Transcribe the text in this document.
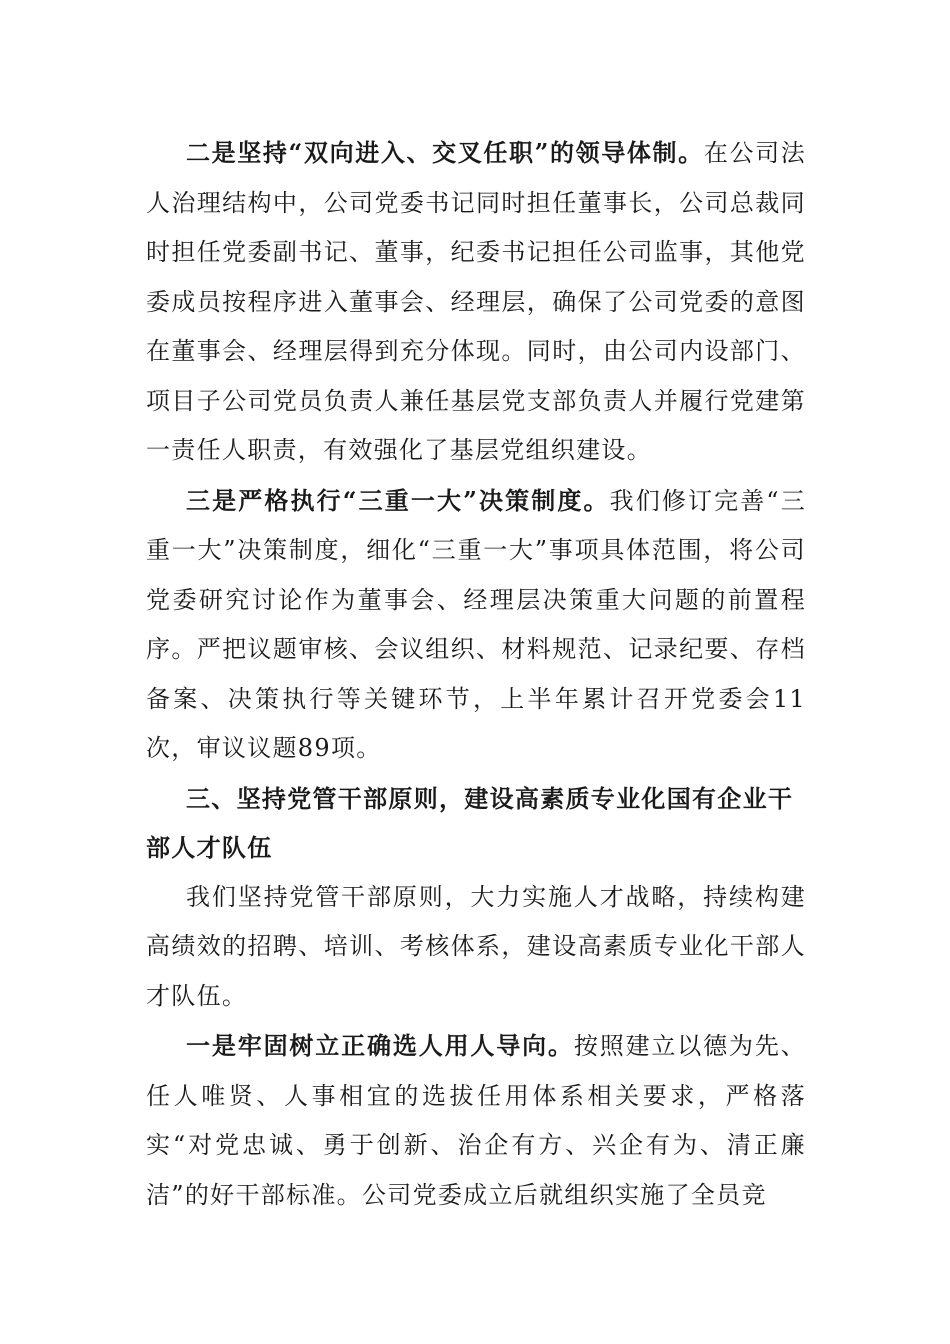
二是坚持“双向进入、交叉任职”的领导体制。在公司法人治理结构中，公司党委书记同时担任董事长，公司总裁同时担任党委副书记、董事，纪委书记担任公司监事，其他党委成员按程序进入董事会、经理层，确保了公司党委的意图在董事会、经理层得到充分体现。同时，由公司内设部门、项目子公司党员负责人兼任基层党支部负责人并履行党建第一责任人职责，有效强化了基层党组织建设。

三是严格执行“三重一大”决策制度。我们修订完善“三重一大”决策制度，细化“三重一大”事项具体范围，将公司党委研究讨论作为董事会、经理层决策重大问题的前置程序。严把议题审核、会议组织、材料规范、记录纪要、存档备案、决策执行等关键环节，上半年累计召开党委会11次，审议议题89项。

三、坚持党管干部原则，建设高素质专业化国有企业干部人才队伍

我们坚持党管干部原则，大力实施人才战略，持续构建高绩效的招聘、培训、考核体系，建设高素质专业化干部人才队伍。

一是牢固树立正确选人用人导向。按照建立以德为先、任人唯贤、人事相宜的选拔任用体系相关要求，严格落实“对党忠诚、勇于创新、治企有方、兴企有为、清正廉洁”的好干部标准。公司党委成立后就组织实施了全员竞
